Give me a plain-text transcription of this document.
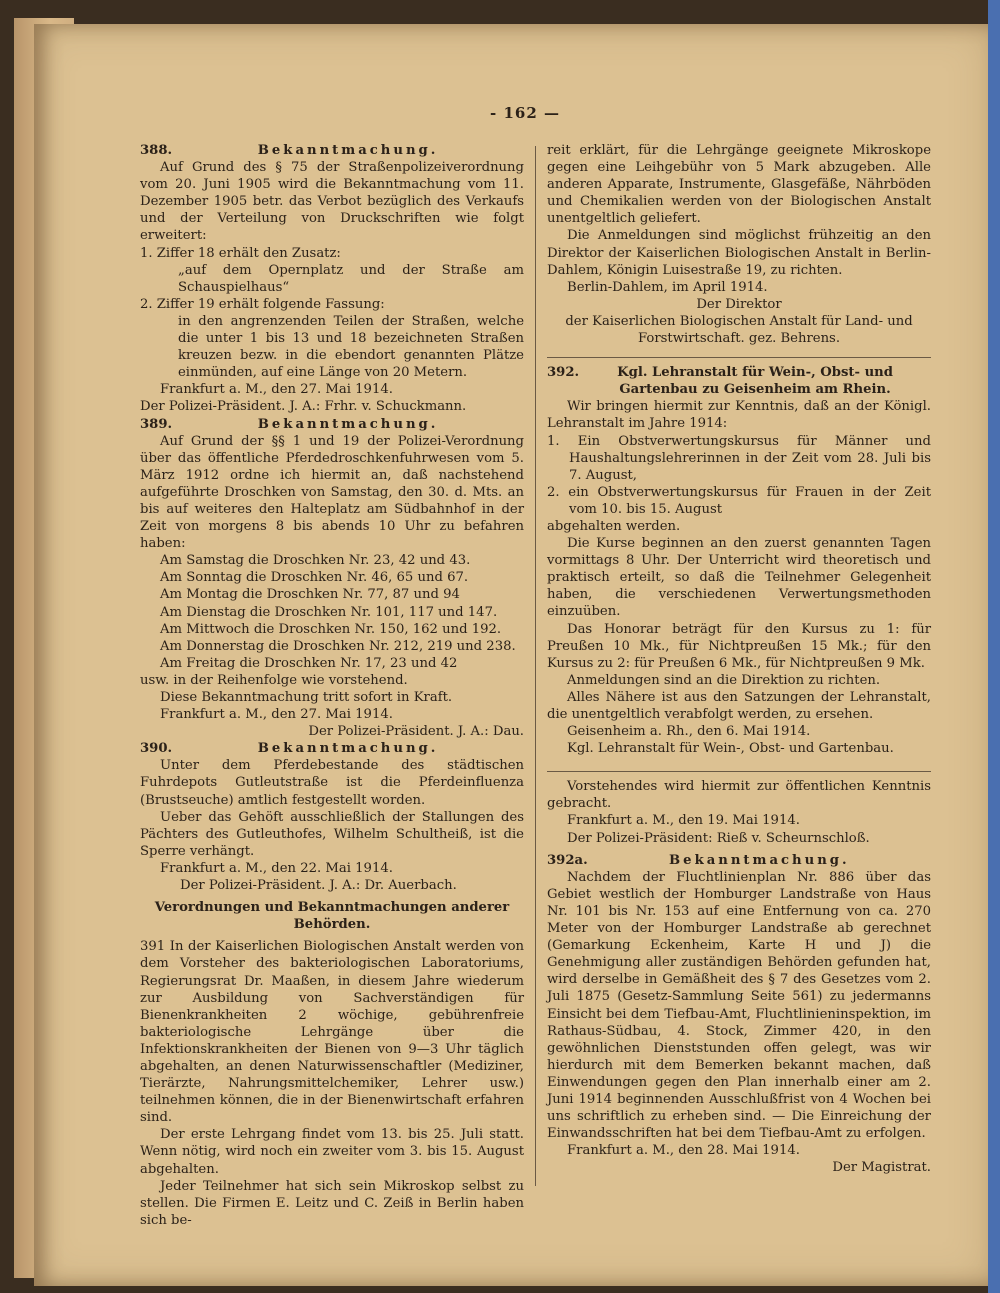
- 162 —
388.	Bekanntmachung.

Auf Grund des § 75 der Straßenpolizeiverordnung vom 20. Juni 1905 wird die Bekanntmachung vom 11. Dezember 1905 betr. das Verbot bezüglich des Verkaufs und der Verteilung von Druckschriften wie folgt erweitert:

1. Ziffer 18 erhält den Zusatz:

„auf dem Opernplatz und der Straße am Schauspielhaus“

2. Ziffer 19 erhält folgende Fassung:

in den angrenzenden Teilen der Straßen, welche die unter 1 bis 13 und 18 bezeichneten Straßen kreuzen bezw. in die ebendort genannten Plätze einmünden, auf eine Länge von 20 Metern.

Frankfurt a. M., den 27. Mai 1914.

Der Polizei-Präsident. J. A.: Frhr. v. Schuckmann.

389.	Bekanntmachung.

Auf Grund der §§ 1 und 19 der Polizei-Verordnung über das öffentliche Pferdedroschkenfuhrwesen vom 5. März 1912 ordne ich hiermit an, daß nachstehend aufgeführte Droschken von Samstag, den 30. d. Mts. an bis auf weiteres den Halteplatz am Südbahnhof in der Zeit von morgens 8 bis abends 10 Uhr zu befahren haben:

Am Samstag die Droschken Nr. 23, 42 und 43.

Am Sonntag die Droschken Nr. 46, 65 und 67.

Am Montag die Droschken Nr. 77, 87 und 94

Am Dienstag die Droschken Nr. 101, 117 und 147.

Am Mittwoch die Droschken Nr. 150, 162 und 192.

Am Donnerstag die Droschken Nr. 212, 219 und 238.

Am Freitag die Droschken Nr. 17, 23 und 42

usw. in der Reihenfolge wie vorstehend.

Diese Bekanntmachung tritt sofort in Kraft.

Frankfurt a. M., den 27. Mai 1914.

Der Polizei-Präsident. J. A.: Dau.

390.	Bekanntmachung.

Unter dem Pferdebestande des städtischen Fuhrdepots Gutleutstraße ist die Pferdeinfluenza (Brustseuche) amtlich festgestellt worden.

Ueber das Gehöft ausschließlich der Stallungen des Pächters des Gutleuthofes, Wilhelm Schultheiß, ist die Sperre verhängt.

Frankfurt a. M., den 22. Mai 1914.

Der Polizei-Präsident. J. A.: Dr. Auerbach.

Verordnungen und Bekanntmachungen anderer Behörden.

391 In der Kaiserlichen Biologischen Anstalt werden von dem Vorsteher des bakteriologischen Laboratoriums, Regierungsrat Dr. Maaßen, in diesem Jahre wiederum zur Ausbildung von Sachverständigen für Bienenkrankheiten 2 wöchige, gebührenfreie bakteriologische Lehrgänge über die Infektionskrankheiten der Bienen von 9—3 Uhr täglich abgehalten, an denen Naturwissenschaftler (Mediziner, Tierärzte, Nahrungsmittelchemiker, Lehrer usw.) teilnehmen können, die in der Bienenwirtschaft erfahren sind.

Der erste Lehrgang findet vom 13. bis 25. Juli statt. Wenn nötig, wird noch ein zweiter vom 3. bis 15. August abgehalten.

Jeder Teilnehmer hat sich sein Mikroskop selbst zu stellen. Die Firmen E. Leitz und C. Zeiß in Berlin haben sich be-

reit erklärt, für die Lehrgänge geeignete Mikroskope gegen eine Leihgebühr von 5 Mark abzugeben. Alle anderen Apparate, Instrumente, Glasgefäße, Nährböden und Chemikalien werden von der Biologischen Anstalt unentgeltlich geliefert.

Die Anmeldungen sind möglichst frühzeitig an den Direktor der Kaiserlichen Biologischen Anstalt in Berlin-Dahlem, Königin Luisestraße 19, zu richten.

Berlin-Dahlem, im April 1914.

Der Direktor

der Kaiserlichen Biologischen Anstalt für Land- und Forstwirtschaft. gez. Behrens.

392.	Kgl. Lehranstalt für Wein-, Obst- und Gartenbau zu Geisenheim am Rhein.

Wir bringen hiermit zur Kenntnis, daß an der Königl. Lehranstalt im Jahre 1914:

1. Ein Obstverwertungskursus für Männer und Haushaltungslehrerinnen in der Zeit vom 28. Juli bis 7. August,

2. ein Obstverwertungskursus für Frauen in der Zeit vom 10. bis 15. August

abgehalten werden.

Die Kurse beginnen an den zuerst genannten Tagen vormittags 8 Uhr. Der Unterricht wird theoretisch und praktisch erteilt, so daß die Teilnehmer Gelegenheit haben, die verschiedenen Verwertungsmethoden einzuüben.

Das Honorar beträgt für den Kursus zu 1: für Preußen 10 Mk., für Nichtpreußen 15 Mk.; für den Kursus zu 2: für Preußen 6 Mk., für Nichtpreußen 9 Mk.

Anmeldungen sind an die Direktion zu richten.

Alles Nähere ist aus den Satzungen der Lehranstalt, die unentgeltlich verabfolgt werden, zu ersehen.

Geisenheim a. Rh., den 6. Mai 1914.

Kgl. Lehranstalt für Wein-, Obst- und Gartenbau.

Vorstehendes wird hiermit zur öffentlichen Kenntnis gebracht.

Frankfurt a. M., den 19. Mai 1914.

Der Polizei-Präsident: Rieß v. Scheurnschloß.

392a.	Bekanntmachung.

Nachdem der Fluchtlinienplan Nr. 886 über das Gebiet westlich der Homburger Landstraße von Haus Nr. 101 bis Nr. 153 auf eine Entfernung von ca. 270 Meter von der Homburger Landstraße ab gerechnet (Gemarkung Eckenheim, Karte H und J) die Genehmigung aller zuständigen Behörden gefunden hat, wird derselbe in Gemäßheit des § 7 des Gesetzes vom 2. Juli 1875 (Gesetz-Sammlung Seite 561) zu jedermanns Einsicht bei dem Tiefbau-Amt, Fluchtlinieninspektion, im Rathaus-Südbau, 4. Stock, Zimmer 420, in den gewöhnlichen Dienststunden offen gelegt, was wir hierdurch mit dem Bemerken bekannt machen, daß Einwendungen gegen den Plan innerhalb einer am 2. Juni 1914 beginnenden Ausschlußfrist von 4 Wochen bei uns schriftlich zu erheben sind. — Die Einreichung der Einwandsschriften hat bei dem Tiefbau-Amt zu erfolgen.

Frankfurt a. M., den 28. Mai 1914.

Der Magistrat.
